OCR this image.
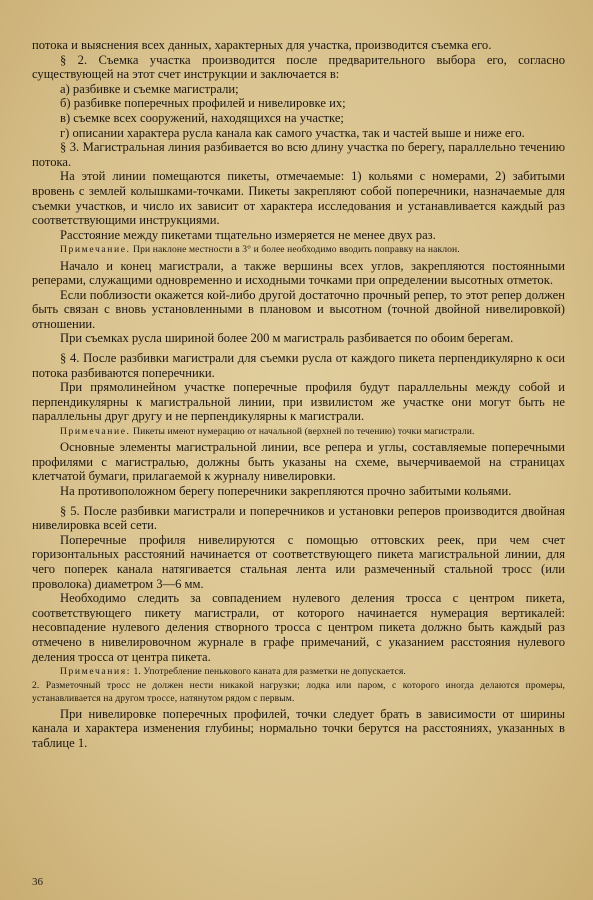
потока и выяснения всех данных, характерных для участка, производится съемка его.

§ 2. Съемка участка производится после предварительного выбора его, согласно существующей на этот счет инструкции и заключается в:

а) разбивке и съемке магистрали;

б) разбивке поперечных профилей и нивелировке их;

в) съемке всех сооружений, находящихся на участке;

г) описании характера русла канала как самого участка, так и частей выше и ниже его.

§ 3. Магистральная линия разбивается во всю длину участка по берегу, параллельно течению потока.

На этой линии помещаются пикеты, отмечаемые: 1) кольями с номерами, 2) забитыми вровень с землей колышками-точками. Пикеты закрепляют собой поперечники, назначаемые для съемки участков, и число их зависит от характера исследования и устанавливается каждый раз соответствующими инструкциями.

Расстояние между пикетами тщательно измеряется не менее двух раз.

Примечание. При наклоне местности в 3° и более необходимо вводить поправку на наклон.

Начало и конец магистрали, а также вершины всех углов, закрепляются постоянными реперами, служащими одновременно и исходными точками при определении высотных отметок.

Если поблизости окажется кой-либо другой достаточно прочный репер, то этот репер должен быть связан с вновь установленными в плановом и высотном (точной двойной нивелировкой) отношении.

При съемках русла шириной более 200 м магистраль разбивается по обоим берегам.

§ 4. После разбивки магистрали для съемки русла от каждого пикета перпендикулярно к оси потока разбиваются поперечники.

При прямолинейном участке поперечные профиля будут параллельны между собой и перпендикулярны к магистральной линии, при извилистом же участке они могут быть не параллельны друг другу и не перпендикулярны к магистрали.

Примечание. Пикеты имеют нумерацию от начальной (верхней по течению) точки магистрали.

Основные элементы магистральной линии, все репера и углы, составляемые поперечными профилями с магистралью, должны быть указаны на схеме, вычерчиваемой на страницах клетчатой бумаги, прилагаемой к журналу нивелировки.

На противоположном берегу поперечники закрепляются прочно забитыми кольями.

§ 5. После разбивки магистрали и поперечников и установки реперов производится двойная нивелировка всей сети.

Поперечные профиля нивелируются с помощью оттовских реек, при чем счет горизонтальных расстояний начинается от соответствующего пикета магистральной линии, для чего поперек канала натягивается стальная лента или размеченный стальной тросс (или проволока) диаметром 3—6 мм.

Необходимо следить за совпадением нулевого деления тросса с центром пикета, соответствующего пикету магистрали, от которого начинается нумерация вертикалей: несовпадение нулевого деления створного тросса с центром пикета должно быть каждый раз отмечено в нивелировочном журнале в графе примечаний, с указанием расстояния нулевого деления тросса от центра пикета.

Примечания: 1. Употребление пенькового каната для разметки не допускается.

2. Разметочный тросс не должен нести никакой нагрузки; лодка или паром, с которого иногда делаются промеры, устанавливается на другом троссе, натянутом рядом с первым.

При нивелировке поперечных профилей, точки следует брать в зависимости от ширины канала и характера изменения глубины; нормально точки берутся на расстояниях, указанных в таблице 1.

36
